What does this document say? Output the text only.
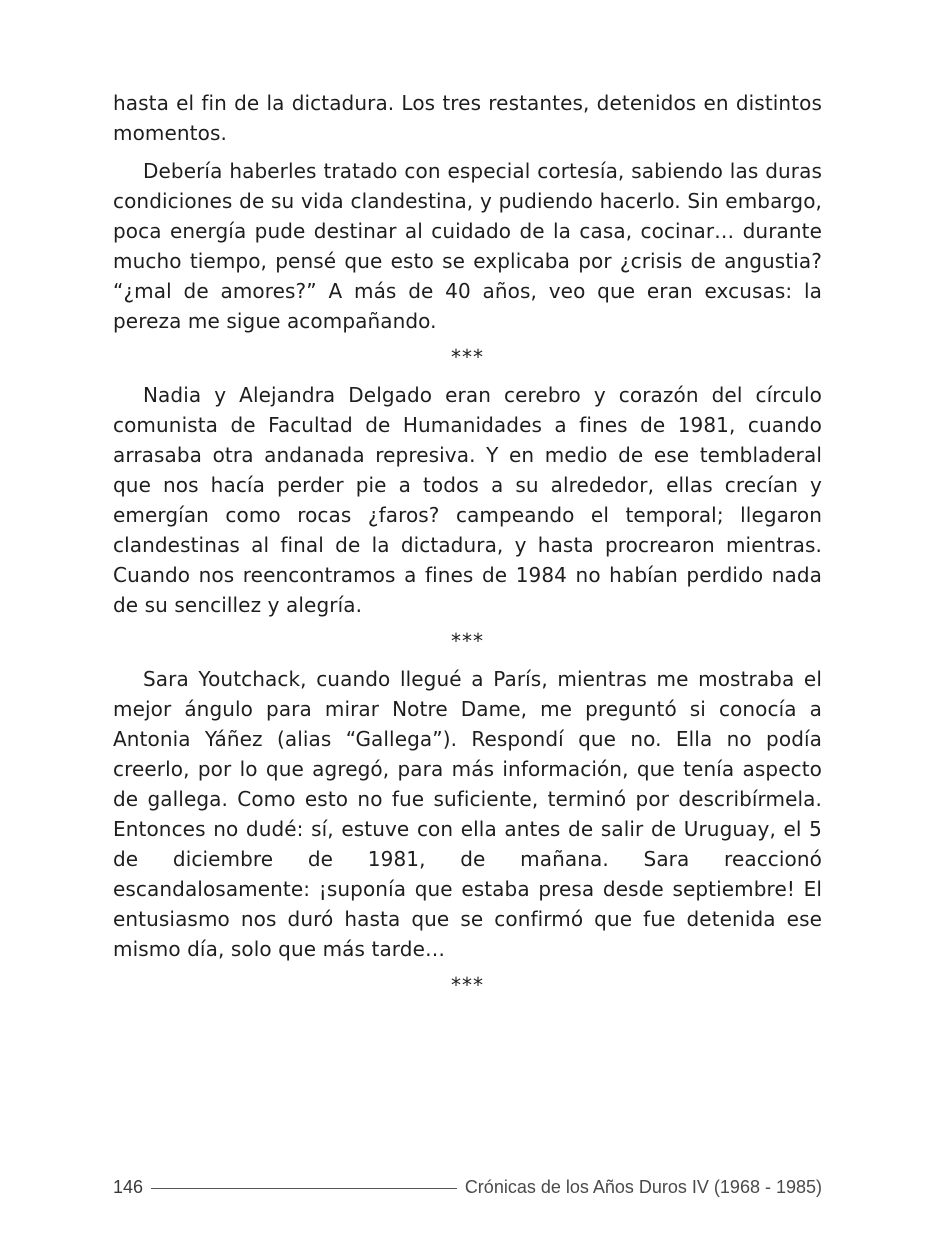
hasta el fin de la dictadura. Los tres restantes, detenidos en distintos momentos.

Debería haberles tratado con especial cortesía, sabiendo las duras condiciones de su vida clandestina, y pudiendo hacerlo. Sin embargo, poca energía pude destinar al cuidado de la casa, cocinar… durante mucho tiempo, pensé que esto se explicaba por ¿crisis de angustia? “¿mal de amores?” A más de 40 años, veo que eran excusas: la pereza me sigue acompañando.

***

Nadia y Alejandra Delgado eran cerebro y corazón del círculo comunista de Facultad de Humanidades a fines de 1981, cuando arrasaba otra andanada represiva. Y en medio de ese tembladeral que nos hacía perder pie a todos a su alrededor, ellas crecían y emergían como rocas ¿faros? campeando el temporal; llegaron clandestinas al final de la dictadura, y hasta procrearon mientras. Cuando nos reencontramos a fines de 1984 no habían perdido nada de su sencillez y alegría.

***

Sara Youtchack, cuando llegué a París, mientras me mostraba el mejor ángulo para mirar Notre Dame, me preguntó si conocía a Antonia Yáñez (alias “Gallega”). Respondí que no. Ella no podía creerlo, por lo que agregó, para más información, que tenía aspecto de gallega. Como esto no fue suficiente, terminó por describírmela. Entonces no dudé: sí, estuve con ella antes de salir de Uruguay, el 5 de diciembre de 1981, de mañana. Sara reaccionó escandalosamente: ¡suponía que estaba presa desde septiembre! El entusiasmo nos duró hasta que se confirmó que fue detenida ese mismo día, solo que más tarde…

***
146	Crónicas de los Años Duros IV (1968 - 1985)
